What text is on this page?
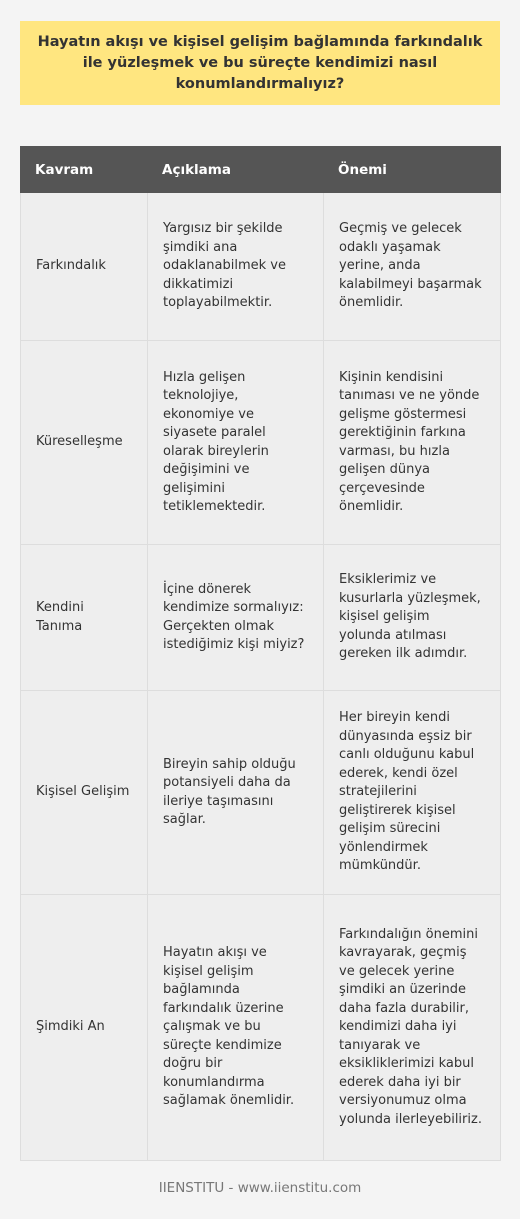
Hayatın akışı ve kişisel gelişim bağlamında farkındalık ile yüzleşmek ve bu süreçte kendimizi nasıl konumlandırmalıyız?
Kavram	Açıklama	Önemi
Farkındalık	Yargısız bir şekilde şimdiki ana odaklanabilmek ve dikkatimizi toplayabilmektir.	Geçmiş ve gelecek odaklı yaşamak yerine, anda kalabilmeyi başarmak önemlidir.
Küreselleşme	Hızla gelişen teknolojiye, ekonomiye ve siyasete paralel olarak bireylerin değişimini ve gelişimini tetiklemektedir.	Kişinin kendisini tanıması ve ne yönde gelişme göstermesi gerektiğinin farkına varması, bu hızla gelişen dünya çerçevesinde önemlidir.
Kendini Tanıma	İçine dönerek kendimize sormalıyız: Gerçekten olmak istediğimiz kişi miyiz?	Eksiklerimiz ve kusurlarla yüzleşmek, kişisel gelişim yolunda atılması gereken ilk adımdır.
Kişisel Gelişim	Bireyin sahip olduğu potansiyeli daha da ileriye taşımasını sağlar.	Her bireyin kendi dünyasında eşsiz bir canlı olduğunu kabul ederek, kendi özel stratejilerini geliştirerek kişisel gelişim sürecini yönlendirmek mümkündür.
Şimdiki An	Hayatın akışı ve kişisel gelişim bağlamında farkındalık üzerine çalışmak ve bu süreçte kendimize doğru bir konumlandırma sağlamak önemlidir.	Farkındalığın önemini kavrayarak, geçmiş ve gelecek yerine şimdiki an üzerinde daha fazla durabilir, kendimizi daha iyi tanıyarak ve eksikliklerimizi kabul ederek daha iyi bir versiyonumuz olma yolunda ilerleyebiliriz.
IIENSTITU - www.iienstitu.com
